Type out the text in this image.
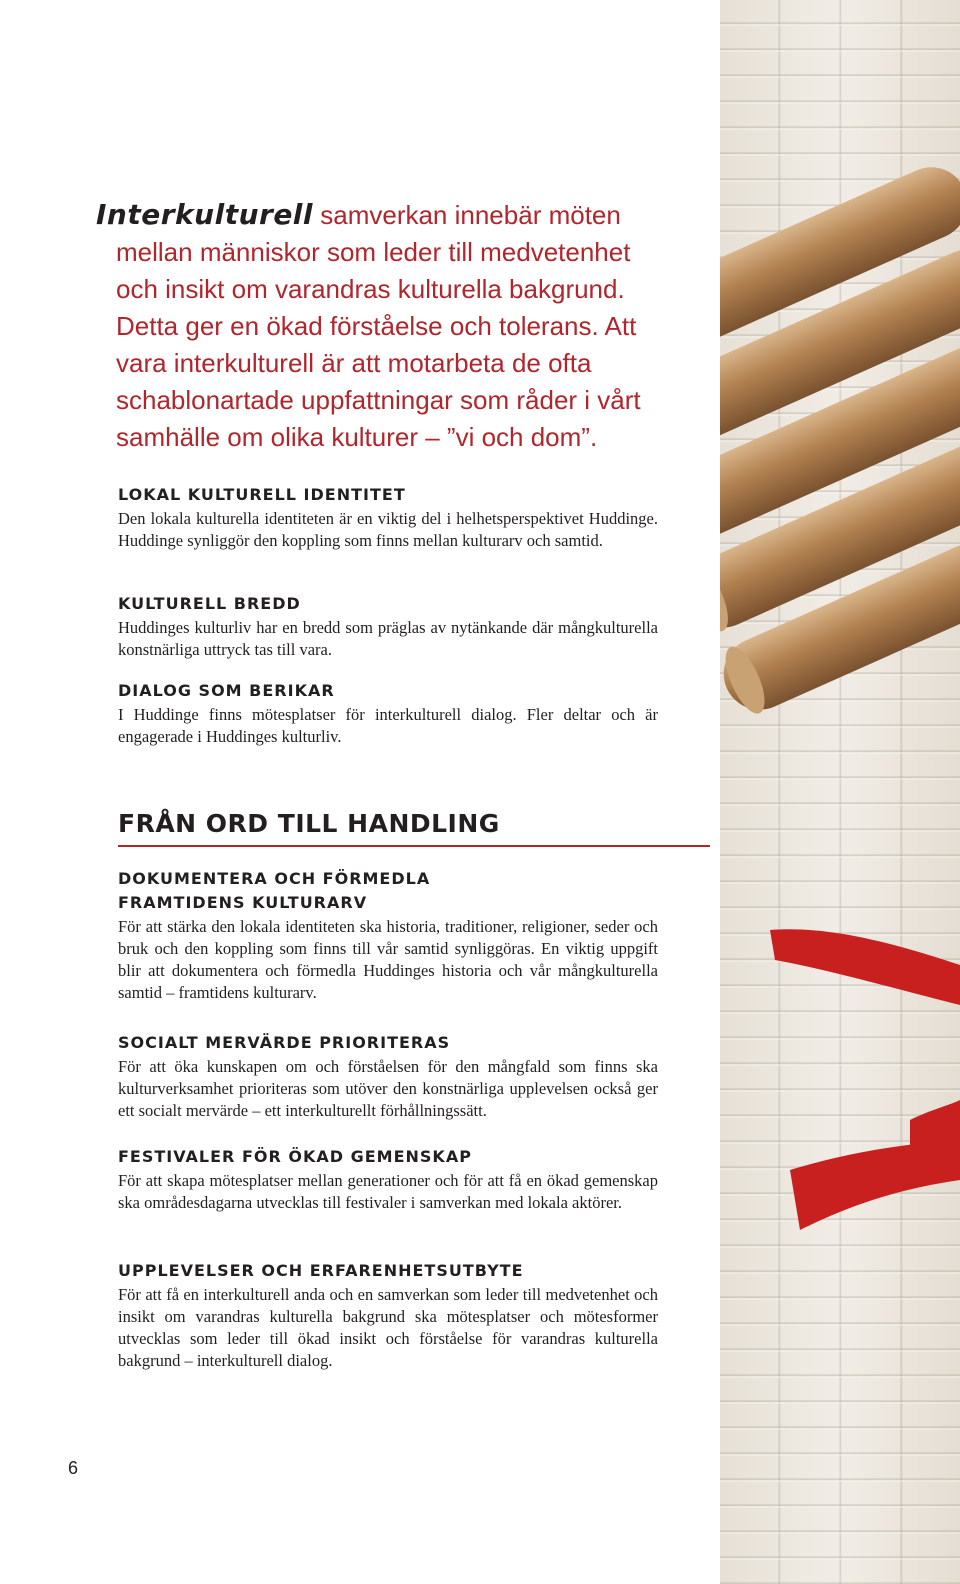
Interkulturell samverkan innebär möten
mellan människor som leder till medvetenhet
och insikt om varandras kulturella bakgrund.
Detta ger en ökad förståelse och tolerans. Att
vara interkulturell är att motarbeta de ofta
schablonartade uppfattningar som råder i vårt
samhälle om olika kulturer – ”vi och dom”.

LOKAL KULTURELL IDENTITET

Den lokala kulturella identiteten är en viktig del i helhetsperspektivet Huddinge. Huddinge synliggör den koppling som finns mellan kulturarv och samtid.

KULTURELL BREDD

Huddinges kulturliv har en bredd som präglas av nytänkande där mångkulturella konstnärliga uttryck tas till vara.

DIALOG SOM BERIKAR

I Huddinge finns mötesplatser för interkulturell dialog. Fler deltar och är engagerade i Huddinges kulturliv.

FRÅN ORD TILL HANDLING
DOKUMENTERA OCH FÖRMEDLA
FRAMTIDENS KULTURARV

För att stärka den lokala identiteten ska historia, traditioner, religioner, seder och bruk och den koppling som finns till vår samtid synliggöras. En viktig uppgift blir att dokumentera och förmedla Huddinges historia och vår mångkulturella samtid – framtidens kulturarv.

SOCIALT MERVÄRDE PRIORITERAS

För att öka kunskapen om och förståelsen för den mångfald som finns ska kulturverksamhet prioriteras som utöver den konstnärliga upplevelsen också ger ett socialt mervärde – ett interkulturellt förhållningssätt.

FESTIVALER FÖR ÖKAD GEMENSKAP

För att skapa mötesplatser mellan generationer och för att få en ökad gemenskap ska områdesdagarna utvecklas till festivaler i samverkan med lokala aktörer.

UPPLEVELSER OCH ERFARENHETSUTBYTE

För att få en interkulturell anda och en samverkan som leder till medvetenhet och insikt om varandras kulturella bakgrund ska mötesplatser och mötesformer utvecklas som leder till ökad insikt och förståelse för varandras kulturella bakgrund – interkulturell dialog.

6
